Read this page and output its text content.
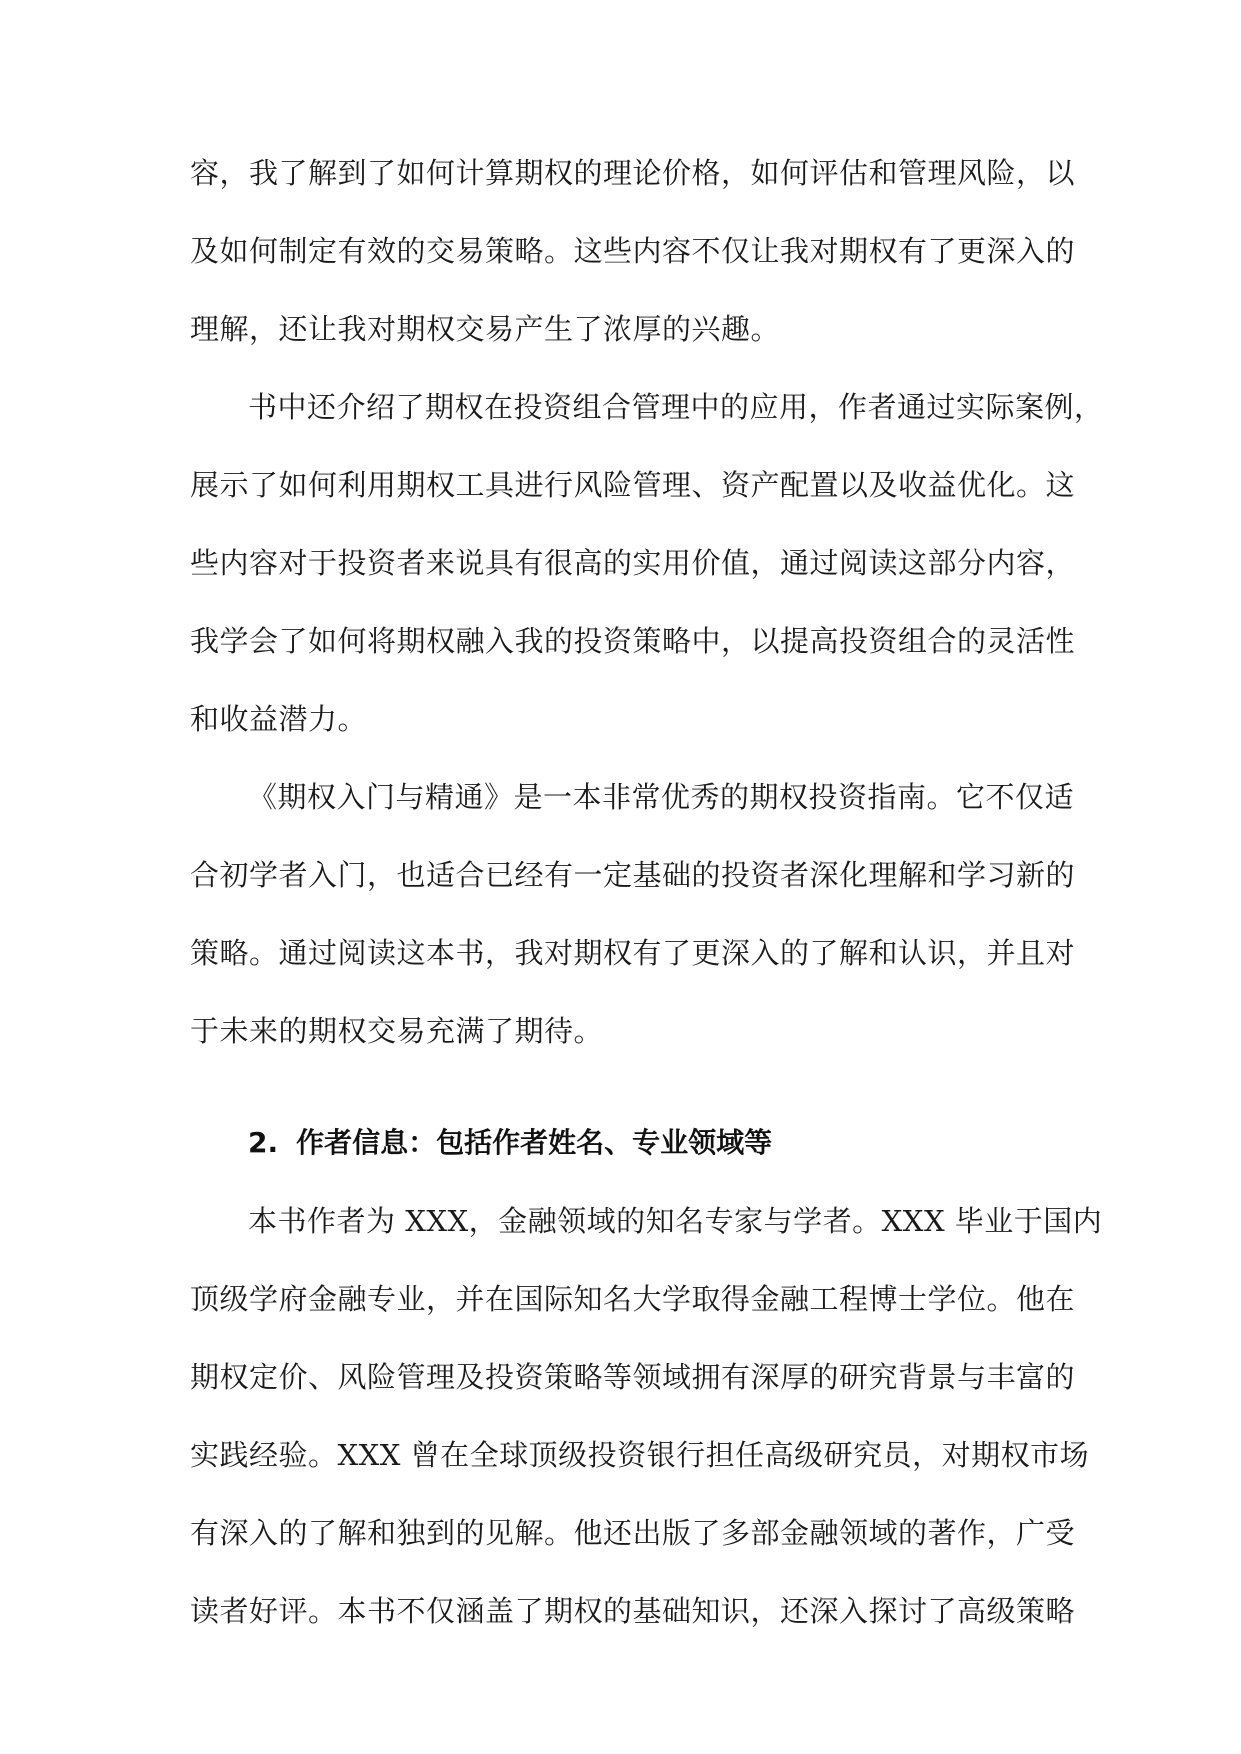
容，我了解到了如何计算期权的理论价格，如何评估和管理风险，以
及如何制定有效的交易策略。这些内容不仅让我对期权有了更深入的
理解，还让我对期权交易产生了浓厚的兴趣。
书中还介绍了期权在投资组合管理中的应用，作者通过实际案例，
展示了如何利用期权工具进行风险管理、资产配置以及收益优化。这
些内容对于投资者来说具有很高的实用价值，通过阅读这部分内容，
我学会了如何将期权融入我的投资策略中，以提高投资组合的灵活性
和收益潜力。
《期权入门与精通》是一本非常优秀的期权投资指南。它不仅适
合初学者入门，也适合已经有一定基础的投资者深化理解和学习新的
策略。通过阅读这本书，我对期权有了更深入的了解和认识，并且对
于未来的期权交易充满了期待。
2. 作者信息：包括作者姓名、专业领域等
本书作者为 XXX，金融领域的知名专家与学者。XXX 毕业于国内
顶级学府金融专业，并在国际知名大学取得金融工程博士学位。他在
期权定价、风险管理及投资策略等领域拥有深厚的研究背景与丰富的
实践经验。XXX 曾在全球顶级投资银行担任高级研究员，对期权市场
有深入的了解和独到的见解。他还出版了多部金融领域的著作，广受
读者好评。本书不仅涵盖了期权的基础知识，还深入探讨了高级策略
